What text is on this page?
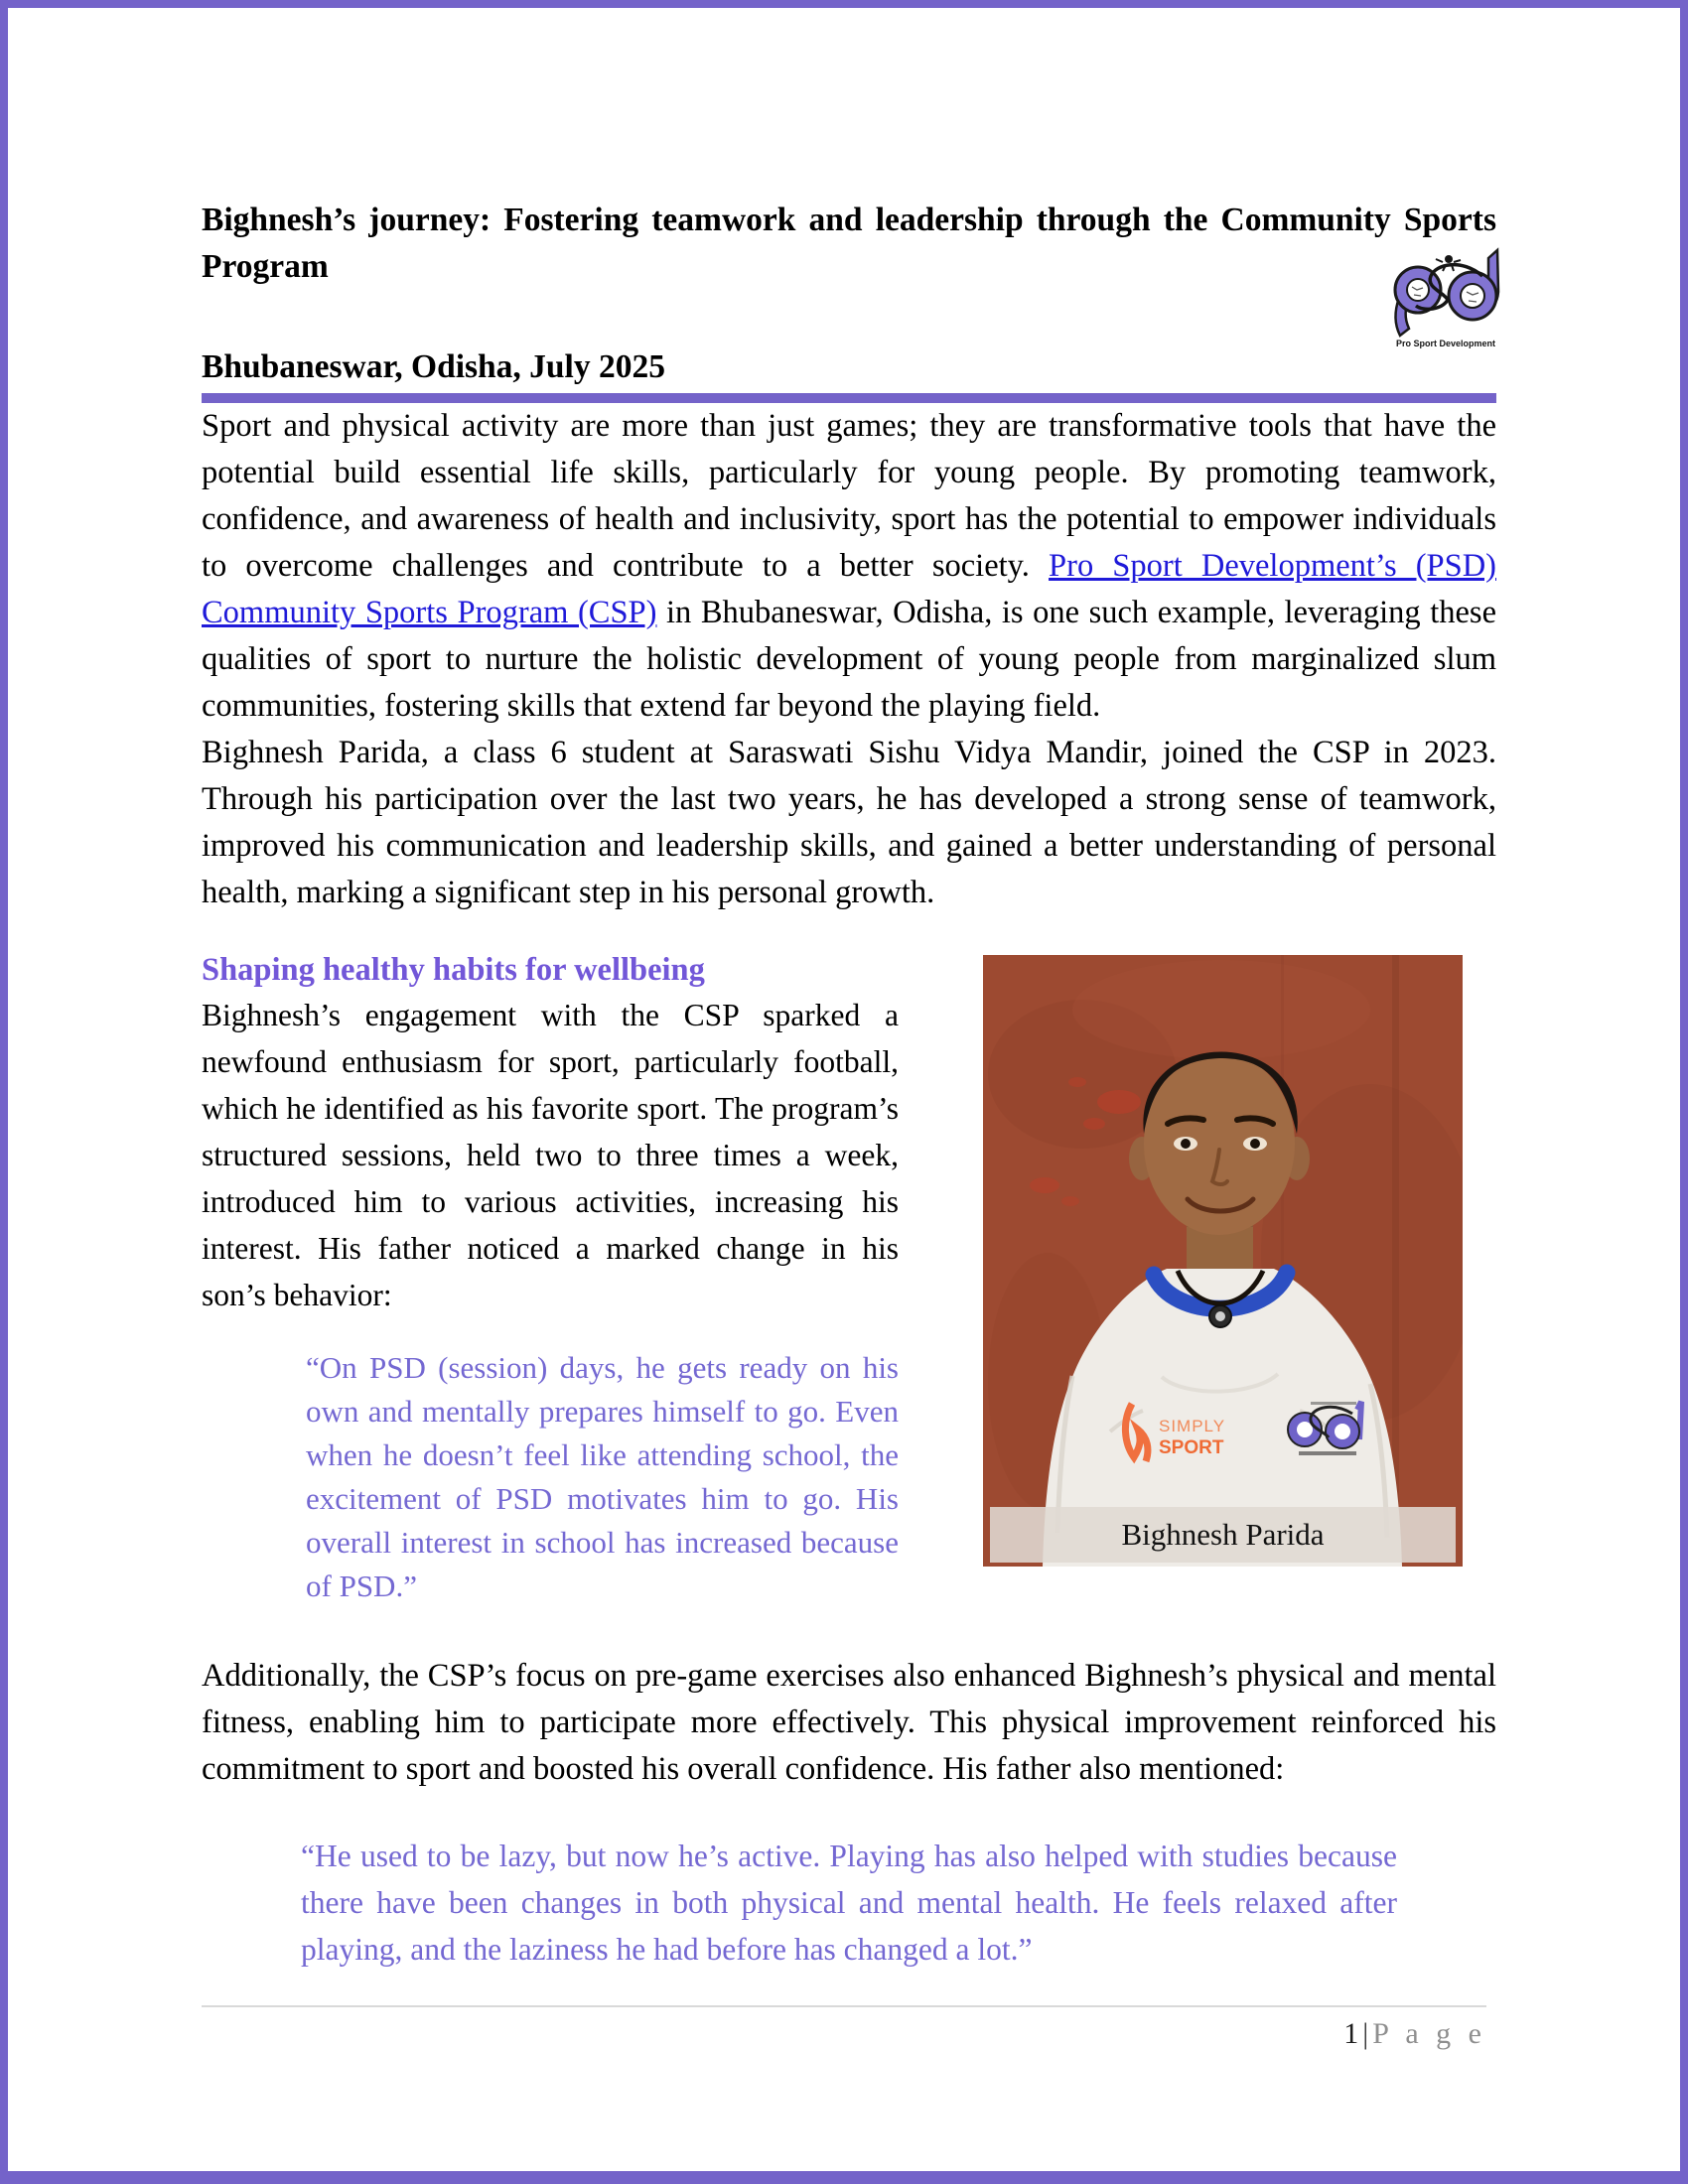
Bighnesh’s journey: Fostering teamwork and leadership through the Community Sports Program
Pro Sport Development
Bhubaneswar, Odisha, July 2025

Sport and physical activity are more than just games; they are transformative tools that have the potential build essential life skills, particularly for young people. By promoting teamwork, confidence, and awareness of health and inclusivity, sport has the potential to empower individuals to overcome challenges and contribute to a better society. Pro Sport Development’s (PSD) Community Sports Program (CSP) in Bhubaneswar, Odisha, is one such example, leveraging these qualities of sport to nurture the holistic development of young people from marginalized slum communities, fostering skills that extend far beyond the playing field.

Bighnesh Parida, a class 6 student at Saraswati Sishu Vidya Mandir, joined the CSP in 2023. Through his participation over the last two years, he has developed a strong sense of teamwork, improved his communication and leadership skills, and gained a better understanding of personal health, marking a significant step in his personal growth.

SIMPLY
SPORT
Bighnesh Parida
Shaping healthy habits for wellbeing

Bighnesh’s engagement with the CSP sparked a newfound enthusiasm for sport, particularly football, which he identified as his favorite sport. The program’s structured sessions, held two to three times a week, introduced him to various activities, increasing his interest. His father noticed a marked change in his son’s behavior:

“On PSD (session) days, he gets ready on his own and mentally prepares himself to go. Even when he doesn’t feel like attending school, the excitement of PSD motivates him to go. His overall interest in school has increased because of PSD.”

Additionally, the CSP’s focus on pre-game exercises also enhanced Bighnesh’s physical and mental fitness, enabling him to participate more effectively. This physical improvement reinforced his commitment to sport and boosted his overall confidence. His father also mentioned:

“He used to be lazy, but now he’s active. Playing has also helped with studies because there have been changes in both physical and mental health. He feels relaxed after playing, and the laziness he had before has changed a lot.”
1 | P a g e
